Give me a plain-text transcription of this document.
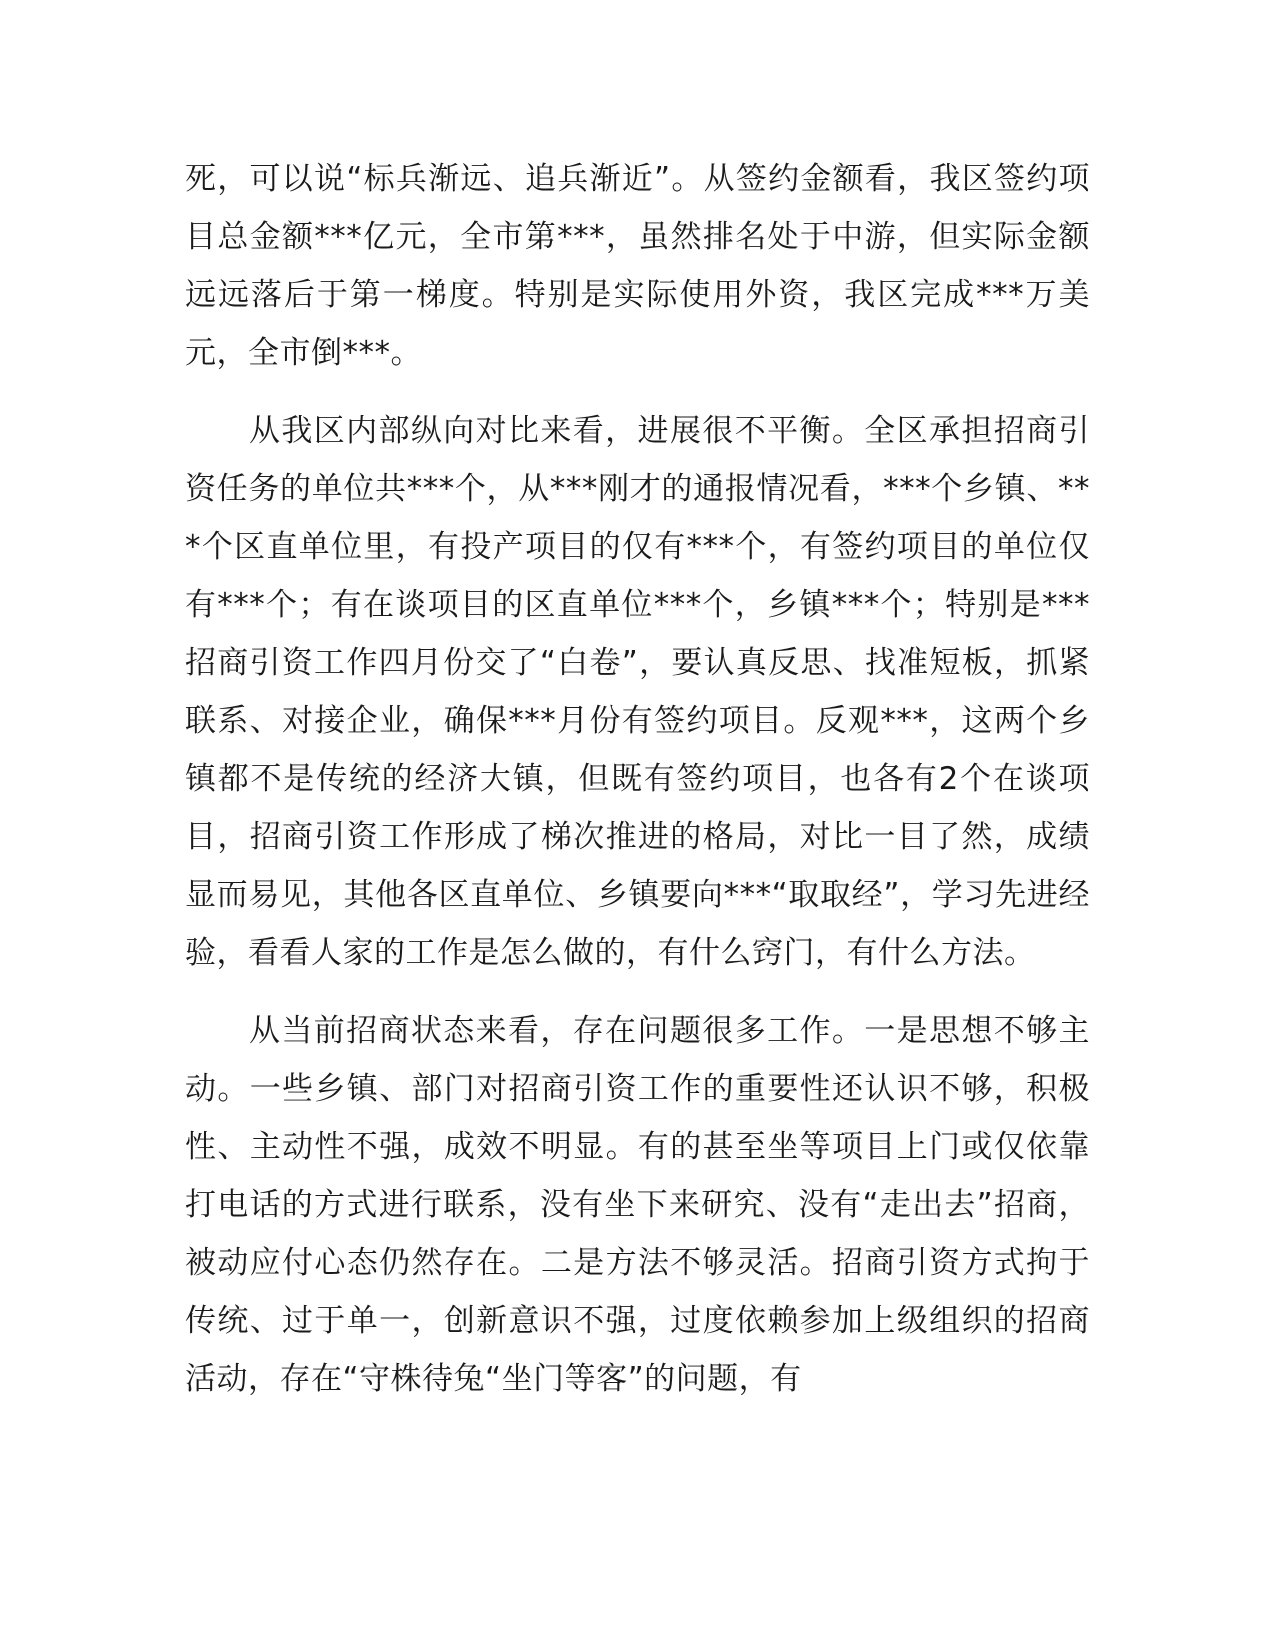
死，可以说“标兵渐远、追兵渐近”。从签约金额看，我区签约项目总金额***亿元，全市第***，虽然排名处于中游，但实际金额远远落后于第一梯度。特别是实际使用外资，我区完成***万美元，全市倒***。

从我区内部纵向对比来看，进展很不平衡。全区承担招商引资任务的单位共***个，从***刚才的通报情况看，***个乡镇、***个区直单位里，有投产项目的仅有***个，有签约项目的单位仅有***个；有在谈项目的区直单位***个，乡镇***个；特别是***招商引资工作四月份交了“白卷”，要认真反思、找准短板，抓紧联系、对接企业，确保***月份有签约项目。反观***，这两个乡镇都不是传统的经济大镇，但既有签约项目，也各有2个在谈项目，招商引资工作形成了梯次推进的格局，对比一目了然，成绩显而易见，其他各区直单位、乡镇要向***“取取经”，学习先进经验，看看人家的工作是怎么做的，有什么窍门，有什么方法。

从当前招商状态来看，存在问题很多工作。一是思想不够主动。一些乡镇、部门对招商引资工作的重要性还认识不够，积极性、主动性不强，成效不明显。有的甚至坐等项目上门或仅依靠打电话的方式进行联系，没有坐下来研究、没有“走出去”招商，被动应付心态仍然存在。二是方法不够灵活。招商引资方式拘于传统、过于单一，创新意识不强，过度依赖参加上级组织的招商活动，存在“守株待兔“坐门等客”的问题，有
